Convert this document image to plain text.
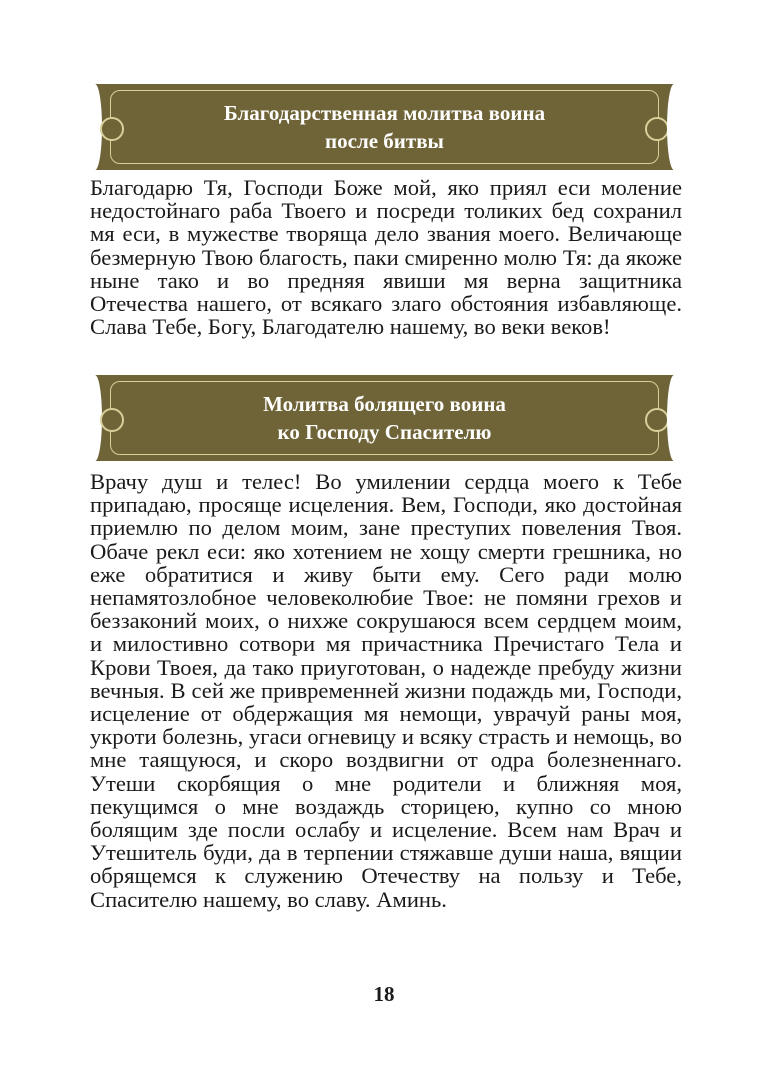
Благодарственная молитва воина
после битвы
Благодарю Тя, Господи Боже мой, яко приял еси моление недостойнаго раба Твоего и посреди толиких бед сохранил мя еси, в мужестве творяща дело звания моего. Величающе безмерную Твою благость, паки смиренно молю Тя: да якоже ныне тако и во предняя явиши мя верна защитника Отечества нашего, от всякаго злаго обстояния избавляюще. Слава Тебе, Богу, Благодателю нашему, во веки веков!
Молитва болящего воина
ко Господу Спасителю
Врачу душ и телес! Во умилении сердца моего к Тебе припадаю, просяще исцеления. Вем, Господи, яко достойная приемлю по делом моим, зане преступих повеления Твоя. Обаче рекл еси: яко хотением не хощу смерти грешника, но еже обратитися и живу быти ему. Сего ради молю непамятозлобное человеколюбие Твое: не помяни грехов и беззаконий моих, о нихже сокрушаюся всем сердцем моим, и милостивно сотвори мя причастника Пречистаго Тела и Крови Твоея, да тако приуготован, о надежде пребуду жизни вечныя. В сей же привременней жизни подаждь ми, Господи, исцеление от обдержащия мя немощи, уврачуй раны моя, укроти болезнь, угаси огневицу и всяку страсть и немощь, во мне таящуюся, и скоро воздвигни от одра болезненнаго. Утеши скорбящия о мне родители и ближняя моя, пекущимся о мне воздаждь сторицею, купно со мною болящим зде посли ослабу и исцеление. Всем нам Врач и Утешитель буди, да в терпении стяжавше души наша, вящии обрящемся к служению Отечеству на пользу и Тебе, Спасителю нашему, во славу. Аминь.
18
